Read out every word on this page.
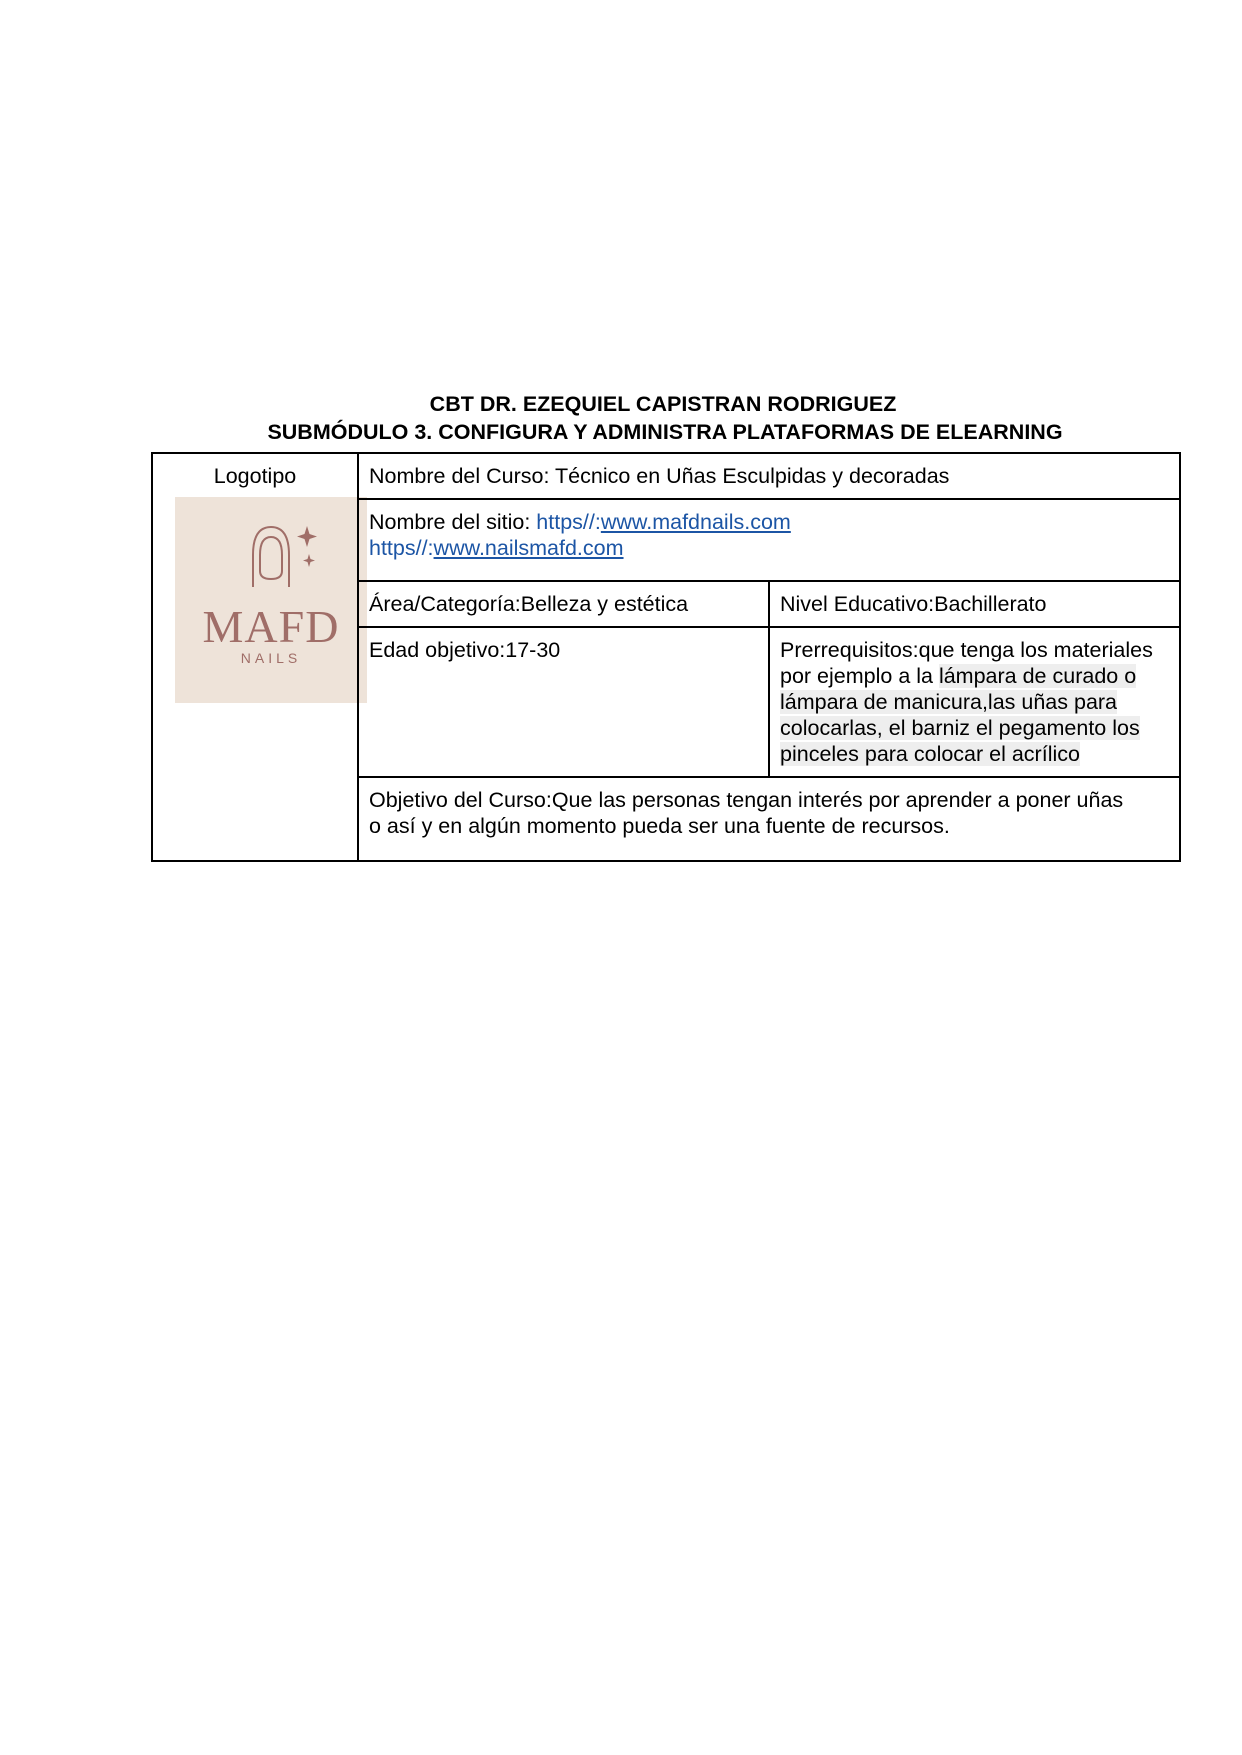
CBT DR. EZEQUIEL CAPISTRAN RODRIGUEZ
SUBMÓDULO 3. CONFIGURA Y ADMINISTRA PLATAFORMAS DE ELEARNING
Logotipo
MAFD
NAILS	Nombre del Curso: Técnico en Uñas Esculpidas y decoradas	

	Nombre del sitio: https//:www.mafdnails.com
https//:www.nailsmafd.com	

	Área/Categoría:Belleza y estética	Nivel Educativo:Bachillerato

	Edad objetivo:17-30	Prerrequisitos:que tenga los materiales
por ejemplo a la lámpara de curado o
lámpara de manicura,las uñas para
colocarlas, el barniz el pegamento los
pinceles para colocar el acrílico

	Objetivo del Curso:Que las personas tengan interés por aprender a poner uñas
o así y en algún momento pueda ser una fuente de recursos.	
